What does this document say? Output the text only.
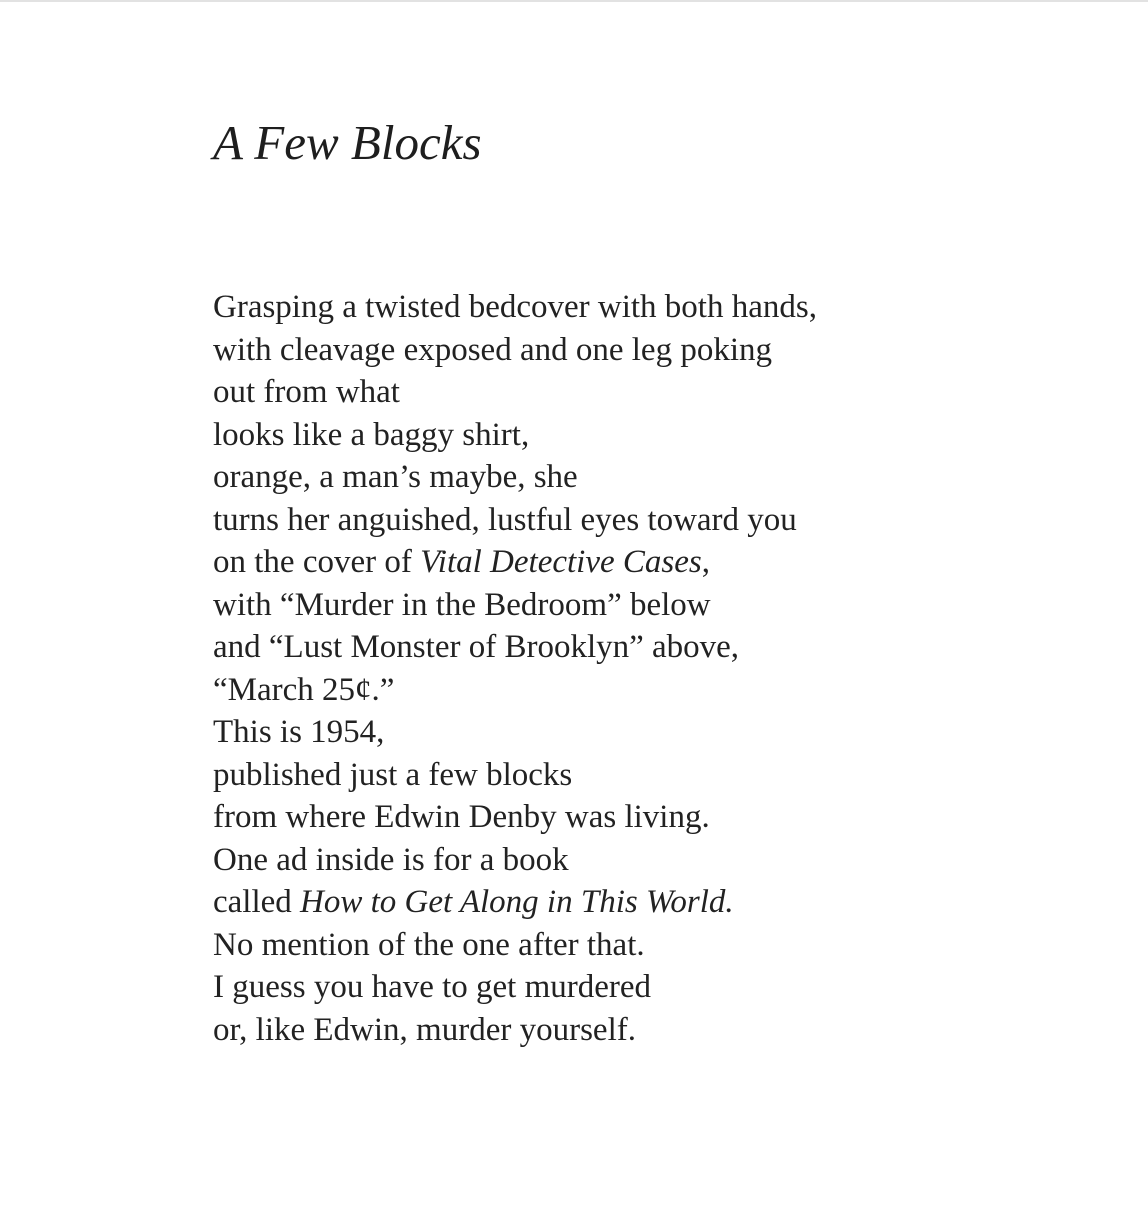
A Few Blocks
Grasping a twisted bedcover with both hands,
with cleavage exposed and one leg poking
out from what
looks like a baggy shirt,
orange, a man’s maybe, she
turns her anguished, lustful eyes toward you
on the cover of Vital Detective Cases,
with “Murder in the Bedroom” below
and “Lust Monster of Brooklyn” above,
“March 25¢.”
This is 1954,
published just a few blocks
from where Edwin Denby was living.
One ad inside is for a book
called How to Get Along in This World.
No mention of the one after that.
I guess you have to get murdered
or, like Edwin, murder yourself.
